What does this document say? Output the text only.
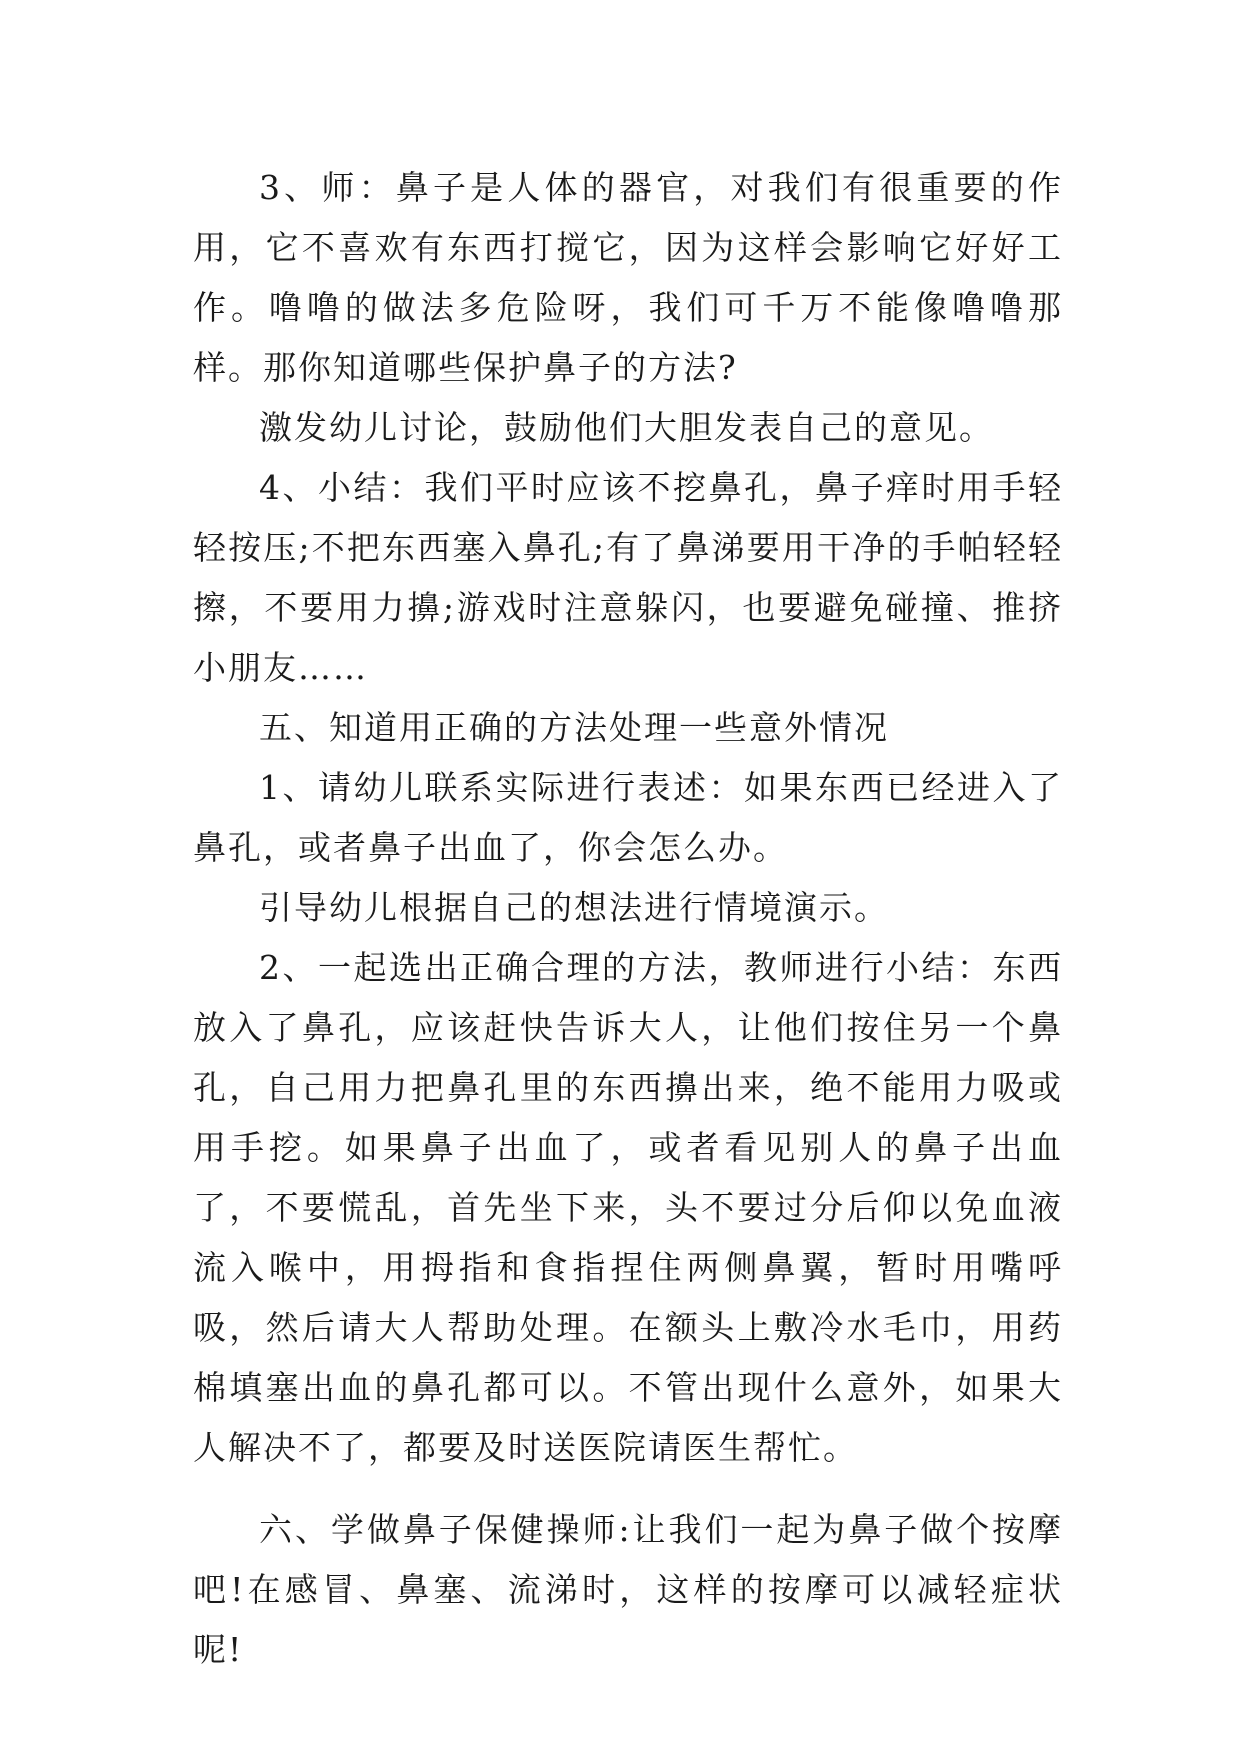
3、师：鼻子是人体的器官，对我们有很重要的作用，它不喜欢有东西打搅它，因为这样会影响它好好工作。噜噜的做法多危险呀，我们可千万不能像噜噜那样。那你知道哪些保护鼻子的方法?

激发幼儿讨论，鼓励他们大胆发表自己的意见。

4、小结：我们平时应该不挖鼻孔，鼻子痒时用手轻轻按压;不把东西塞入鼻孔;有了鼻涕要用干净的手帕轻轻擦，不要用力擤;游戏时注意躲闪，也要避免碰撞、推挤小朋友……

五、知道用正确的方法处理一些意外情况

1、请幼儿联系实际进行表述：如果东西已经进入了鼻孔，或者鼻子出血了，你会怎么办。

引导幼儿根据自己的想法进行情境演示。

2、一起选出正确合理的方法，教师进行小结：东西放入了鼻孔，应该赶快告诉大人，让他们按住另一个鼻孔，自己用力把鼻孔里的东西擤出来，绝不能用力吸或用手挖。如果鼻子出血了，或者看见别人的鼻子出血了，不要慌乱，首先坐下来，头不要过分后仰以免血液流入喉中，用拇指和食指捏住两侧鼻翼，暂时用嘴呼吸，然后请大人帮助处理。在额头上敷冷水毛巾，用药棉填塞出血的鼻孔都可以。不管出现什么意外，如果大人解决不了，都要及时送医院请医生帮忙。

六、学做鼻子保健操师:让我们一起为鼻子做个按摩吧!在感冒、鼻塞、流涕时，这样的按摩可以减轻症状呢!
